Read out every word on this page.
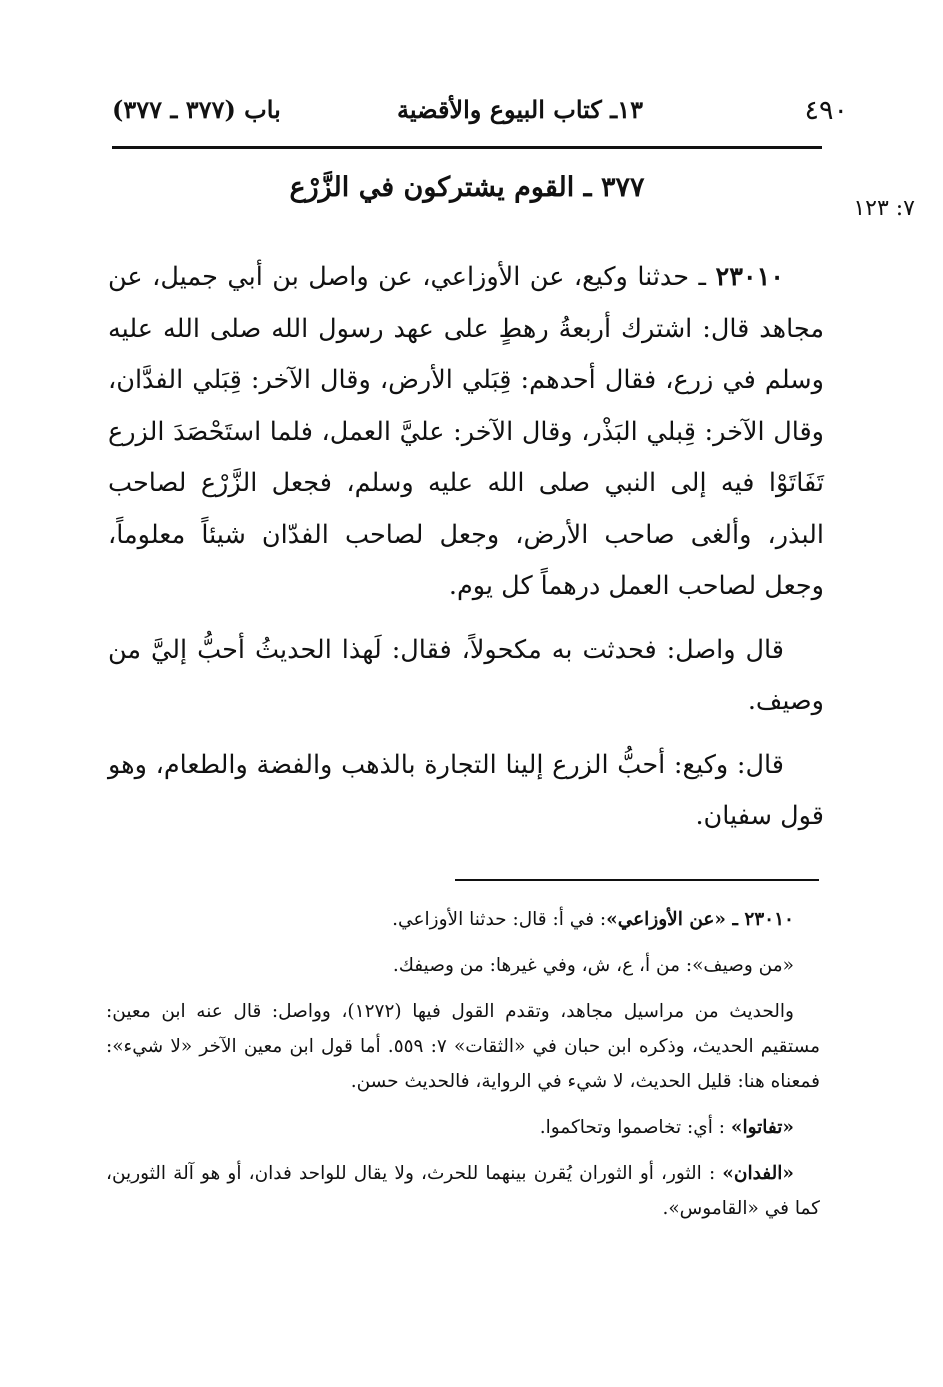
٤٩٠
١٣ـ كتاب البيوع والأقضية
باب (٣٧٧ ـ ٣٧٧)
٧: ١٢٣
٣٧٧ ـ القوم يشتركون في الزَّرْع

٢٣٠١٠ ـ حدثنا وكيع، عن الأوزاعي، عن واصل بن أبي جميل، عن مجاهد قال: اشترك أربعةُ رهطٍ على عهد رسول الله صلى الله عليه وسلم في زرع، فقال أحدهم: قِبَلي الأرض، وقال الآخر: قِبَلي الفدَّان، وقال الآخر: قِبلي البَذْر، وقال الآخر: عليَّ العمل، فلما استَحْصَدَ الزرع تَفَاتَوْا فيه إلى النبي صلى الله عليه وسلم، فجعل الزَّرْع لصاحب البذر، وألغى صاحب الأرض، وجعل لصاحب الفدّان شيئاً معلوماً، وجعل لصاحب العمل درهماً كل يوم.

قال واصل: فحدثت به مكحولاً، فقال: لَهذا الحديثُ أحبُّ إليَّ من وصيف.

قال: وكيع: أحبُّ الزرع إلينا التجارة بالذهب والفضة والطعام، وهو قول سفيان.

٢٣٠١٠ ـ «عن الأوزاعي»: في أ: قال: حدثنا الأوزاعي.

«من وصيف»: من أ، ع، ش، وفي غيرها: من وصيفك.

والحديث من مراسيل مجاهد، وتقدم القول فيها (١٢٧٢)، وواصل: قال عنه ابن معين: مستقيم الحديث، وذكره ابن حبان في «الثقات» ٧: ٥٥٩. أما قول ابن معين الآخر «لا شيء»: فمعناه هنا: قليل الحديث، لا شيء في الرواية، فالحديث حسن.

«تفاتوا» : أي: تخاصموا وتحاكموا.

«الفدان» : الثور، أو الثوران يُقرن بينهما للحرث، ولا يقال للواحد فدان، أو هو آلة الثورين، كما في «القاموس».
